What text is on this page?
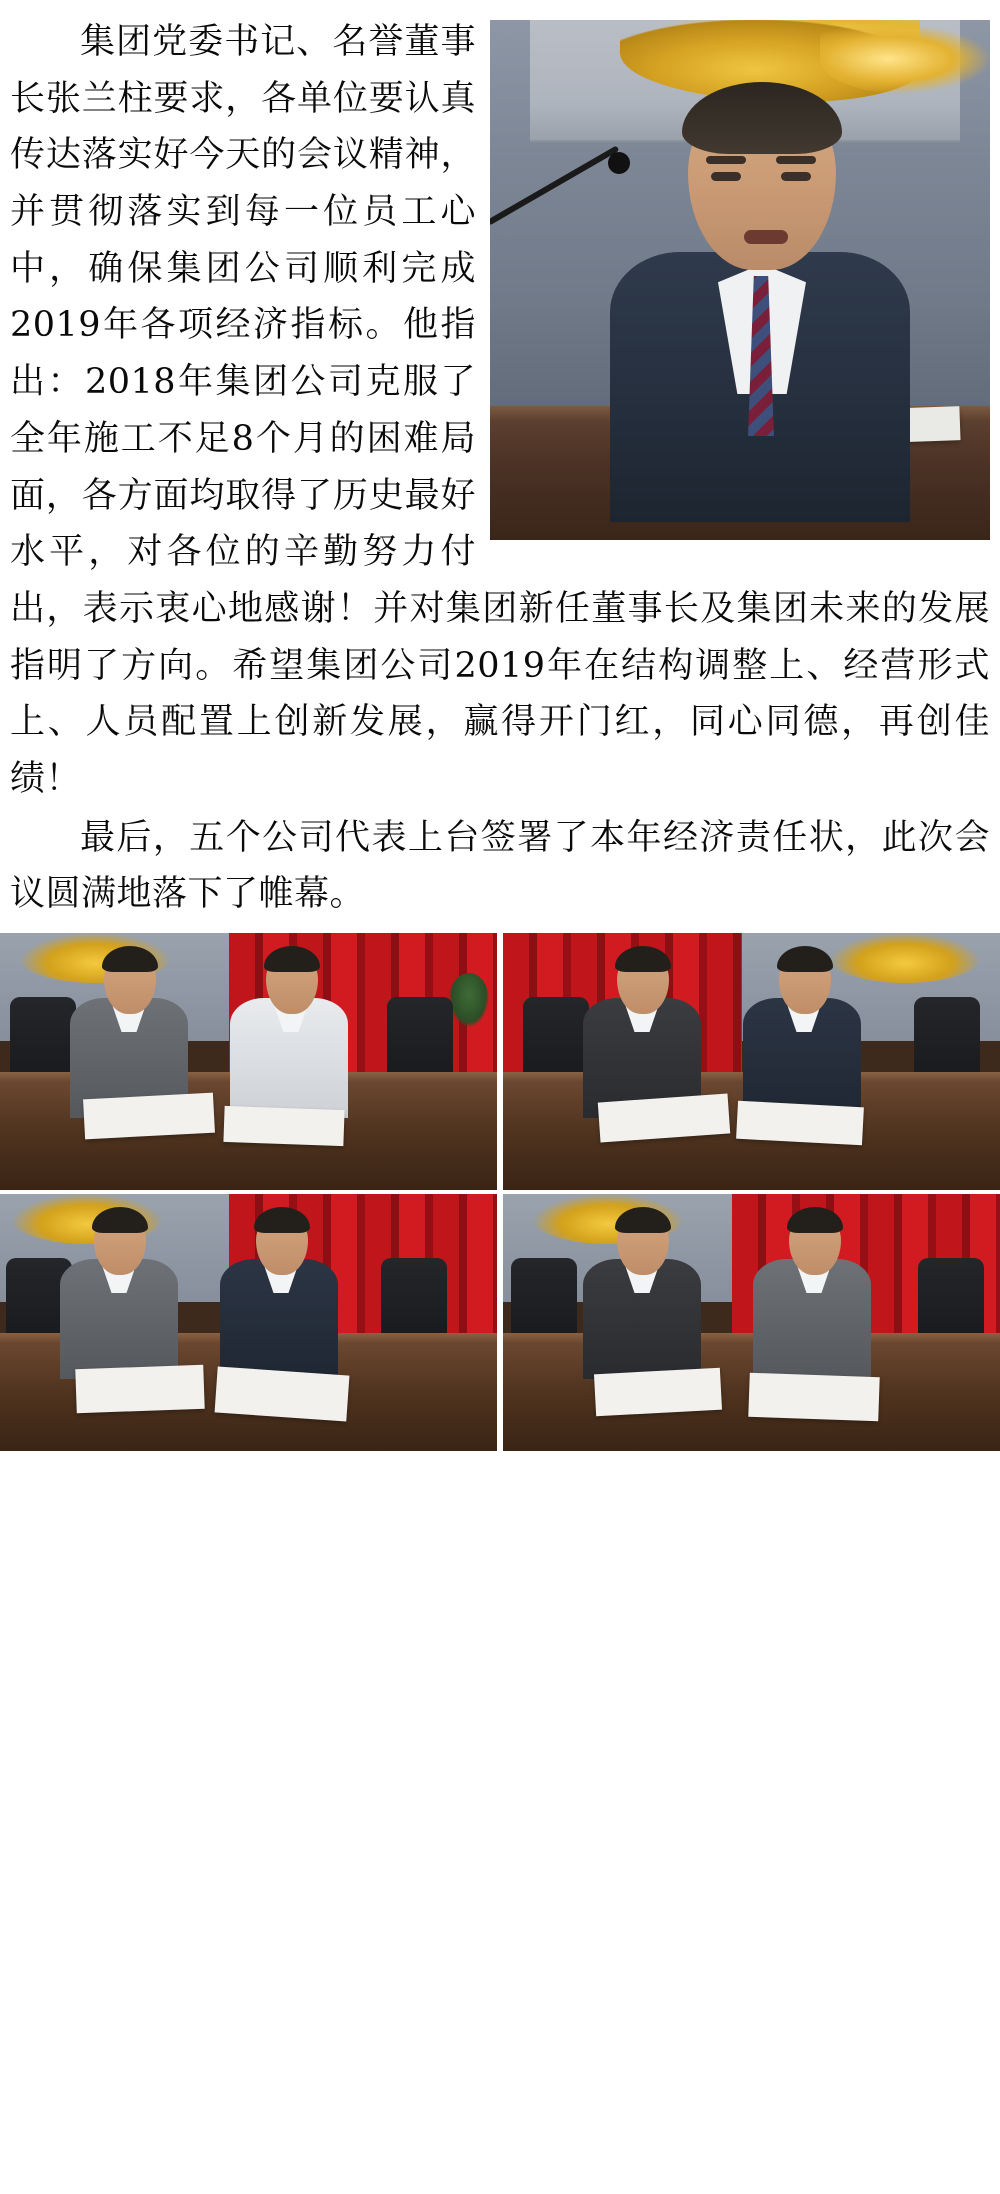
集团党委书记、名誉董事长张兰柱要求，各单位要认真传达落实好今天的会议精神，并贯彻落实到每一位员工心中，确保集团公司顺利完成2019年各项经济指标。他指出：2018年集团公司克服了全年施工不足8个月的困难局面，各方面均取得了历史最好水平，对各位的辛勤努力付出，表示衷心地感谢！并对集团新任董事长及集团未来的发展指明了方向。希望集团公司2019年在结构调整上、经营形式上、人员配置上创新发展，赢得开门红，同心同德，再创佳绩！

最后，五个公司代表上台签署了本年经济责任状，此次会议圆满地落下了帷幕。
